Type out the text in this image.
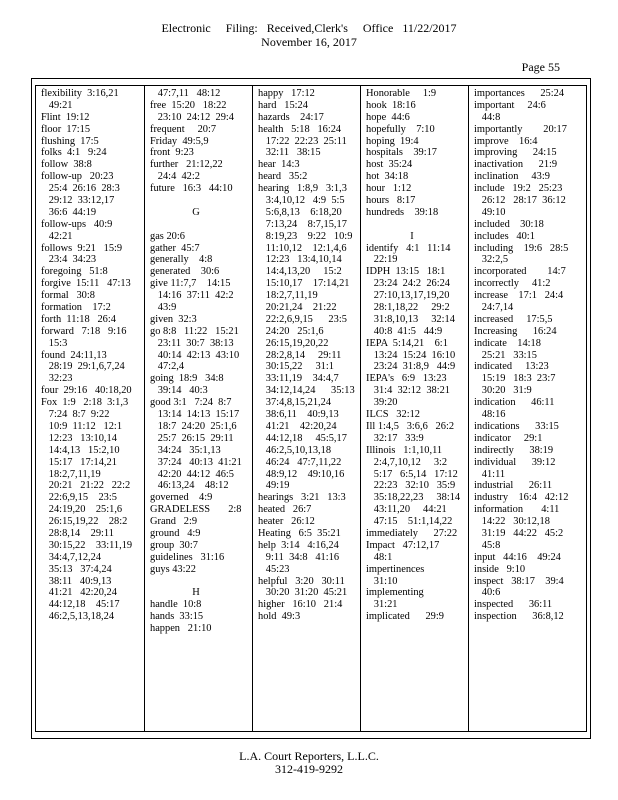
Electronic     Filing:   Received,Clerk's     Office   11/22/2017
November 16, 2017
Page 55
flexibility  3:16,21
49:21
Flint  19:12
floor  17:15
flushing  17:5
folks  4:1   9:24
follow  38:8
follow-up   20:23
25:4  26:16  28:3
29:12  33:12,17
36:6  44:19
follow-ups   40:9
42:21
follows  9:21   15:9
23:4  34:23
foregoing   51:8
forgive  15:11   47:13
formal   30:8
formation    17:2
forth  11:18   26:4
forward   7:18   9:16
15:3
found  24:11,13
28:19  29:1,6,7,24
32:23
four  29:16   40:18,20
Fox  1:9   2:18  3:1,3
7:24  8:7  9:22
10:9  11:12   12:1
12:23   13:10,14
14:4,13   15:2,10
15:17   17:14,21
18:2,7,11,19
20:21   21:22   22:2
22:6,9,15    23:5
24:19,20    25:1,6
26:15,19,22    28:2
28:8,14    29:11
30:15,22    33:11,19
34:4,7,12,24
35:13   37:4,24
38:11   40:9,13
41:21   42:20,24
44:12,18    45:17
46:2,5,13,18,24
47:7,11   48:12
free  15:20   18:22
23:10  24:12  29:4
frequent     20:7
Friday  49:5,9
front  9:23
further   21:12,22
24:4  42:2
future   16:3   44:10
G
gas 20:6
gather  45:7
generally    4:8
generated    30:6
give 11:7,7    14:15
14:16  37:11  42:2
43:9
given  32:3
go 8:8   11:22   15:21
23:11  30:7  38:13
40:14  42:13  43:10
47:2,4
going  18:9   34:8
39:14   40:3
good 3:1   7:24  8:7
13:14  14:13  15:17
18:7  24:20  25:1,6
25:7  26:15  29:11
34:24   35:1,13
37:24   40:13  41:21
42:20  44:12  46:5
46:13,24    48:12
governed    4:9
GRADELESS       2:8
Grand   2:9
ground   4:9
group  30:7
guidelines   31:16
guys 43:22
H
handle  10:8
hands  33:15
happen   21:10
happy   17:12
hard   15:24
hazards    24:17
health   5:18   16:24
17:22  22:23  25:11
32:11   38:15
hear  14:3
heard   35:2
hearing   1:8,9   3:1,3
3:4,10,12   4:9  5:5
5:6,8,13    6:18,20
7:13,24    8:7,15,17
8:19,23    9:22   10:9
11:10,12    12:1,4,6
12:23   13:4,10,14
14:4,13,20     15:2
15:10,17    17:14,21
18:2,7,11,19
20:21,24    21:22
22:2,6,9,15      23:5
24:20   25:1,6
26:15,19,20,22
28:2,8,14     29:11
30:15,22     31:1
33:11,19    34:4,7
34:12,14,24      35:13
37:4,8,15,21,24
38:6,11    40:9,13
41:21    42:20,24
44:12,18     45:5,17
46:2,5,10,13,18
46:24   47:7,11,22
48:9,12    49:10,16
49:19
hearings   3:21   13:3
heated   26:7
heater   26:12
Heating   6:5  35:21
help  3:14   4:16,24
9:11  34:8   41:16
45:23
helpful   3:20   30:11
30:20  31:20  45:21
higher   16:10   21:4
hold  49:3
Honorable     1:9
hook  18:16
hope  44:6
hopefully    7:10
hoping  19:4
hospitals    39:17
host  35:24
hot  34:18
hour   1:12
hours   8:17
hundreds    39:18
I
identify   4:1   11:14
22:19
IDPH  13:15   18:1
23:24  24:2  26:24
27:10,13,17,19,20
28:1,18,22     29:2
31:8,10,13     32:14
40:8  41:5   44:9
IEPA  5:14,21    6:1
13:24  15:24  16:10
23:24  31:8,9   44:9
IEPA's   6:9   13:23
31:4  32:12  38:21
39:20
ILCS   32:12
Ill 1:4,5   3:6,6   26:2
32:17   33:9
Illinois   1:1,10,11
2:4,7,10,12     3:2
5:17   6:5,14   17:12
22:23   32:10   35:9
35:18,22,23     38:14
43:11,20     44:21
47:15    51:1,14,22
immediately      27:22
Impact   47:12,17
48:1
impertinences
31:10
implementing
31:21
implicated      29:9
importances      25:24
important     24:6
44:8
importantly        20:17
improve    16:4
improving      24:15
inactivation      21:9
inclination     43:9
include   19:2   25:23
26:12   28:17  36:12
49:10
included    30:18
includes   40:1
including    19:6   28:5
32:2,5
incorporated        14:7
incorrectly     41:2
increase    17:1   24:4
24:7,14
increased     17:5,5
Increasing      16:24
indicate    14:18
25:21   33:15
indicated     13:23
15:19   18:3  23:7
30:20   31:9
indication      46:11
48:16
indications      33:15
indicator     29:1
indirectly      38:19
individual      39:12
41:11
industrial      26:11
industry    16:4   42:12
information       4:11
14:22   30:12,18
31:19   44:22   45:2
45:8
input   44:16    49:24
inside   9:10
inspect   38:17    39:4
40:6
inspected      36:11
inspection      36:8,12
L.A. Court Reporters, L.L.C.
312-419-9292
